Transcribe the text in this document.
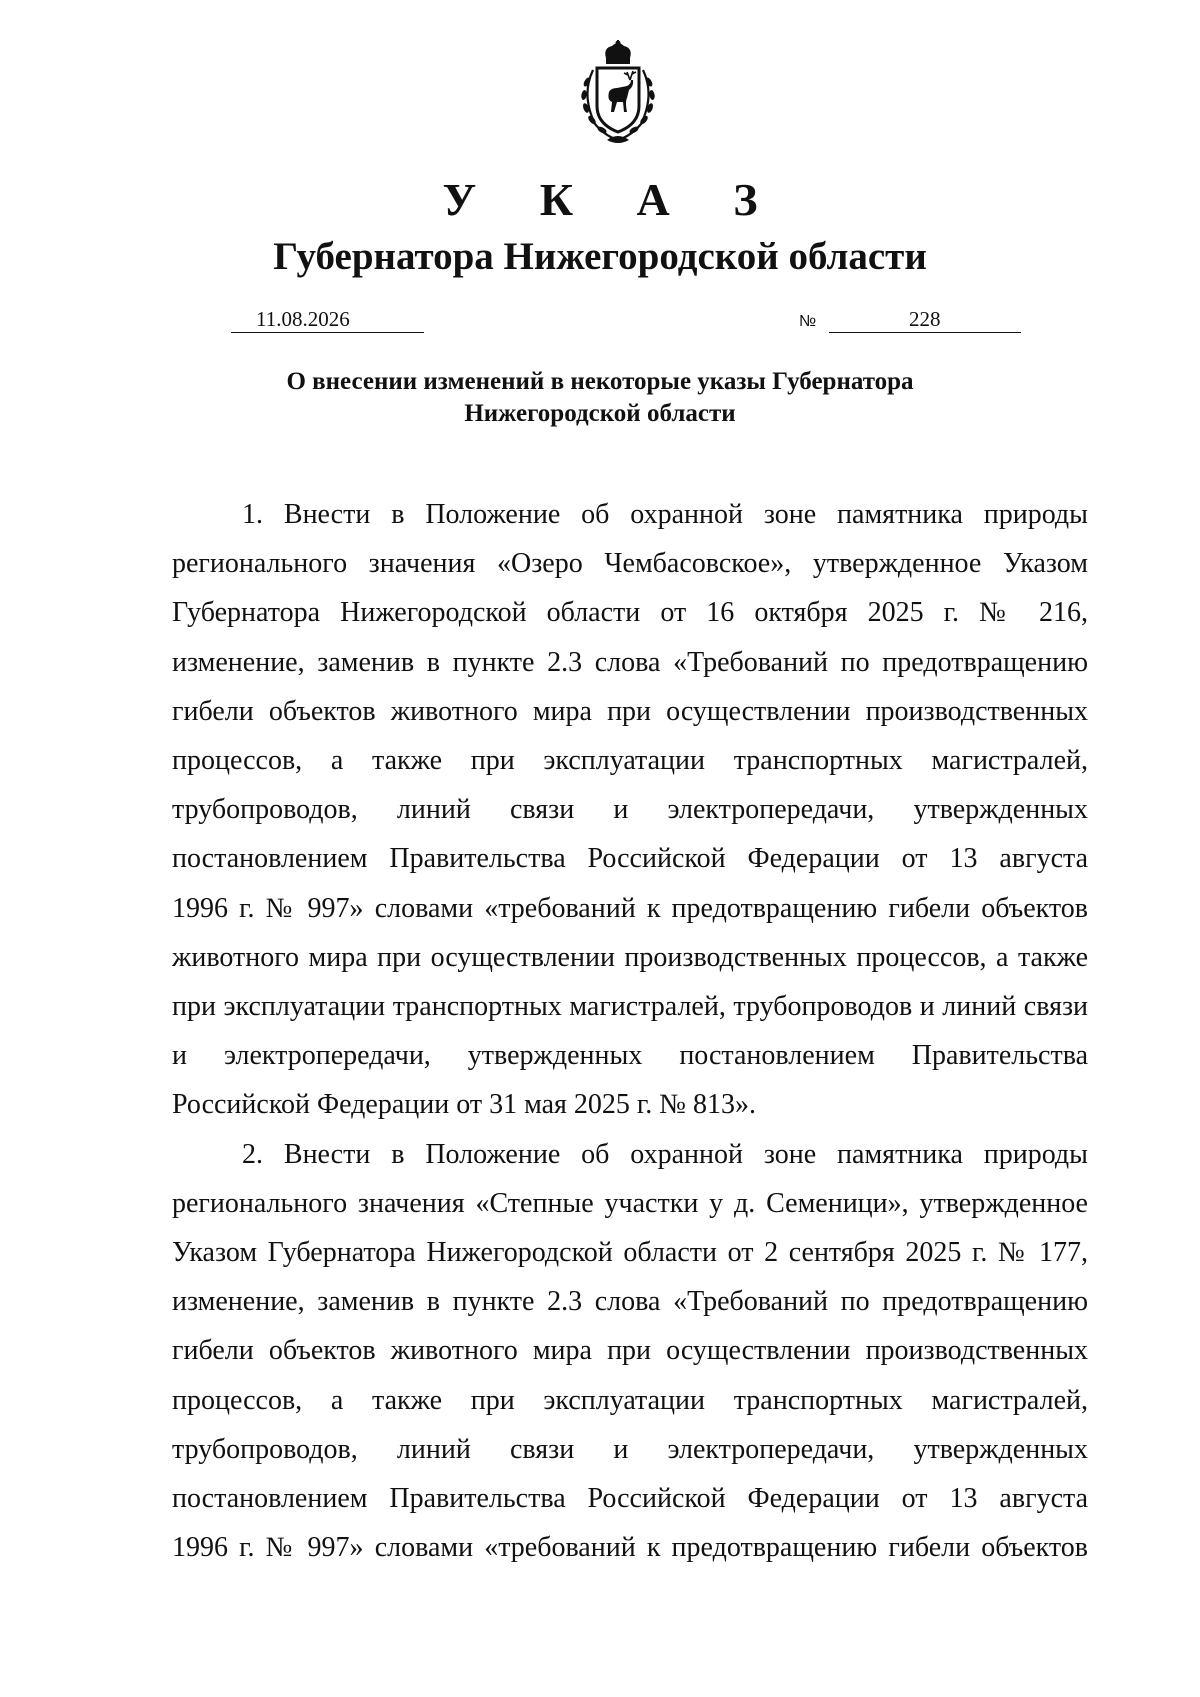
У К А З
Губернатора Нижегородской области
11.08.2026	№	228
О внесении изменений в некоторые указы Губернатора
Нижегородской области
1. Внести в Положение об охранной зоне памятника природы
регионального значения «Озеро Чембасовское», утвержденное Указом
Губернатора Нижегородской области от 16 октября 2025 г. № 216,
изменение, заменив в пункте 2.3 слова «Требований по предотвращению
гибели объектов животного мира при осуществлении производственных
процессов, а также при эксплуатации транспортных магистралей,
трубопроводов, линий связи и электропередачи, утвержденных
постановлением Правительства Российской Федерации от 13 августа
1996 г. № 997» словами «требований к предотвращению гибели объектов
животного мира при осуществлении производственных процессов, а также
при эксплуатации транспортных магистралей, трубопроводов и линий связи
и электропередачи, утвержденных постановлением Правительства
Российской Федерации от 31 мая 2025 г. № 813».
2. Внести в Положение об охранной зоне памятника природы
регионального значения «Степные участки у д. Семеници», утвержденное
Указом Губернатора Нижегородской области от 2 сентября 2025 г. № 177,
изменение, заменив в пункте 2.3 слова «Требований по предотвращению
гибели объектов животного мира при осуществлении производственных
процессов, а также при эксплуатации транспортных магистралей,
трубопроводов, линий связи и электропередачи, утвержденных
постановлением Правительства Российской Федерации от 13 августа
1996 г. № 997» словами «требований к предотвращению гибели объектов
